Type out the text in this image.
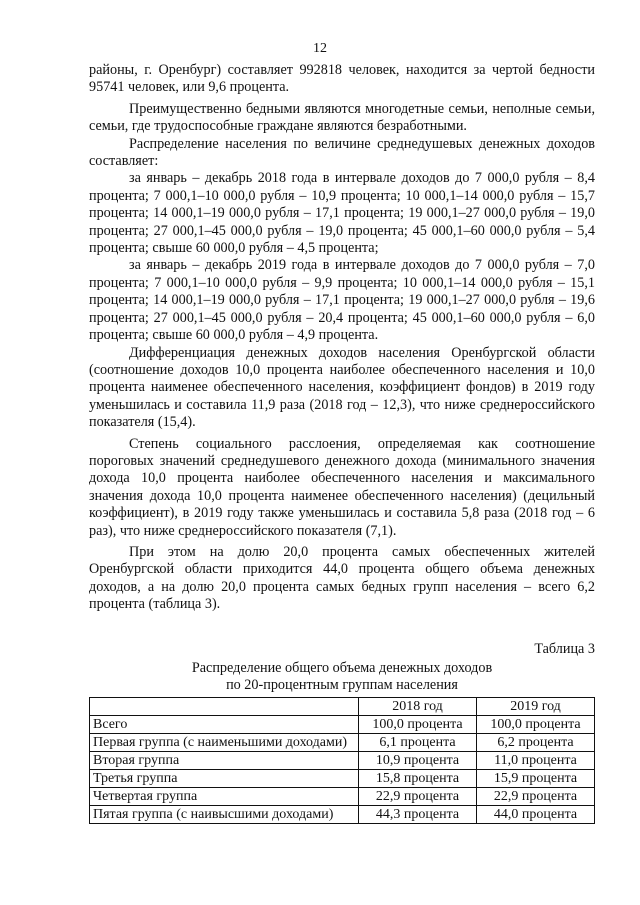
12

районы, г. Оренбург) составляет 992818 человек, находится за чертой бедности 95741 человек, или 9,6 процента.

Преимущественно бедными являются многодетные семьи, неполные семьи, семьи, где трудоспособные граждане являются безработными.

Распределение населения по величине среднедушевых денежных доходов составляет:

за январь – декабрь 2018 года в интервале доходов до 7 000,0 рубля – 8,4 процента; 7 000,1–10 000,0 рубля – 10,9 процента; 10 000,1–14 000,0 рубля – 15,7 процента; 14 000,1–19 000,0 рубля – 17,1 процента; 19 000,1–27 000,0 рубля – 19,0 процента; 27 000,1–45 000,0 рубля – 19,0 процента; 45 000,1–60 000,0 рубля – 5,4 процента; свыше 60 000,0 рубля – 4,5 процента;

за январь – декабрь 2019 года в интервале доходов до 7 000,0 рубля – 7,0 процента; 7 000,1–10 000,0 рубля – 9,9 процента; 10 000,1–14 000,0 рубля – 15,1 процента; 14 000,1–19 000,0 рубля – 17,1 процента; 19 000,1–27 000,0 рубля – 19,6 процента; 27 000,1–45 000,0 рубля – 20,4 процента; 45 000,1–60 000,0 рубля – 6,0 процента; свыше 60 000,0 рубля – 4,9 процента.

Дифференциация денежных доходов населения Оренбургской области (соотношение доходов 10,0 процента наиболее обеспеченного населения и 10,0 процента наименее обеспеченного населения, коэффициент фондов) в 2019 году уменьшилась и составила 11,9 раза (2018 год – 12,3), что ниже среднероссийского показателя (15,4).

Степень социального расслоения, определяемая как соотношение пороговых значений среднедушевого денежного дохода (минимального значения дохода 10,0 процента наиболее обеспеченного населения и максимального значения дохода 10,0 процента наименее обеспеченного населения) (децильный коэффициент), в 2019 году также уменьшилась и составила 5,8 раза (2018 год – 6 раз), что ниже среднероссийского показателя (7,1).

При этом на долю 20,0 процента самых обеспеченных жителей Оренбургской области приходится 44,0 процента общего объема денежных доходов, а на долю 20,0 процента самых бедных групп населения – всего 6,2 процента (таблица 3).

Таблица 3
Распределение общего объема денежных доходов
по 20-процентным группам населения
	2018 год	2019 год
Всего	100,0 процента	100,0 процента
Первая группа (с наименьшими доходами)	6,1 процента	6,2 процента
Вторая группа	10,9 процента	11,0 процента
Третья группа	15,8 процента	15,9 процента
Четвертая группа	22,9 процента	22,9 процента
Пятая группа (с наивысшими доходами)	44,3 процента	44,0 процента
